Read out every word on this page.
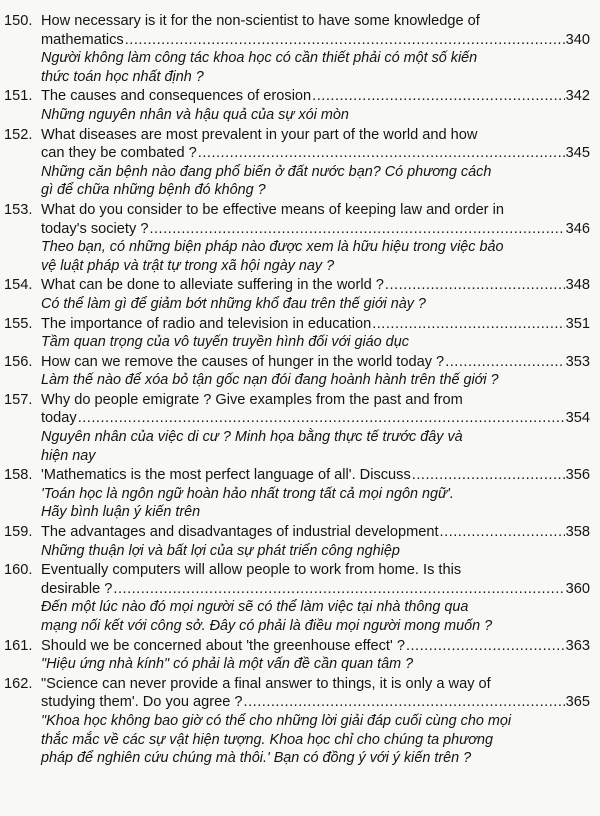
150. How necessary is it for the non-scientist to have some knowledge of
mathematics .....	340
Người không làm công tác khoa học có cần thiết phải có một số kiến
thức toán học nhất định ?
151. The causes and consequences of erosion .....	342
Những nguyên nhân và hậu quả của sự xói mòn
152. What diseases are most prevalent in your part of the world and how
can they be combated ? .....	345
Những căn bệnh nào đang phổ biến ở đất nước bạn? Có phương cách
gì để chữa những bệnh đó không ?
153. What do you consider to be effective means of keeping law and order in
today's society ? .....	346
Theo bạn, có những biện pháp nào được xem là hữu hiệu trong việc bảo
vệ luật pháp và trật tự trong xã hội ngày nay ?
154. What can be done to alleviate suffering in the world ? .....	348
Có thể làm gì để giảm bớt những khổ đau trên thế giới này ?
155. The importance of radio and television in education .....	351
Tầm quan trọng của vô tuyến truyền hình đối với giáo dục
156. How can we remove the causes of hunger in the world today ? .....	353
Làm thế nào để xóa bỏ tận gốc nạn đói đang hoành hành trên thế giới ?
157. Why do people emigrate ? Give examples from the past and from
today .....	354
Nguyên nhân của việc di cư ? Minh họa bằng thực tế trước đây và
hiện nay
158. 'Mathematics is the most perfect language of all'. Discuss .....	356
'Toán học là ngôn ngữ hoàn hảo nhất trong tất cả mọi ngôn ngữ'.
Hãy bình luận ý kiến trên
159. The advantages and disadvantages of industrial development .....	358
Những thuận lợi và bất lợi của sự phát triển công nghiệp
160. Eventually computers will allow people to work from home. Is this
desirable ? .....	360
Đến một lúc nào đó mọi người sẽ có thể làm việc tại nhà thông qua
mạng nối kết với công sở. Đây có phải là điều mọi người mong muốn ?
161. Should we be concerned about 'the greenhouse effect' ? .....	363
"Hiệu ứng nhà kính" có phải là một vấn đề cần quan tâm ?
162. "Science can never provide a final answer to things, it is only a way of
studying them'. Do you agree ? .....	365
"Khoa học không bao giờ có thể cho những lời giải đáp cuối cùng cho mọi
thắc mắc về các sự vật hiện tượng. Khoa học chỉ cho chúng ta phương
pháp để nghiên cứu chúng mà thôi.' Bạn có đồng ý với ý kiến trên ?
